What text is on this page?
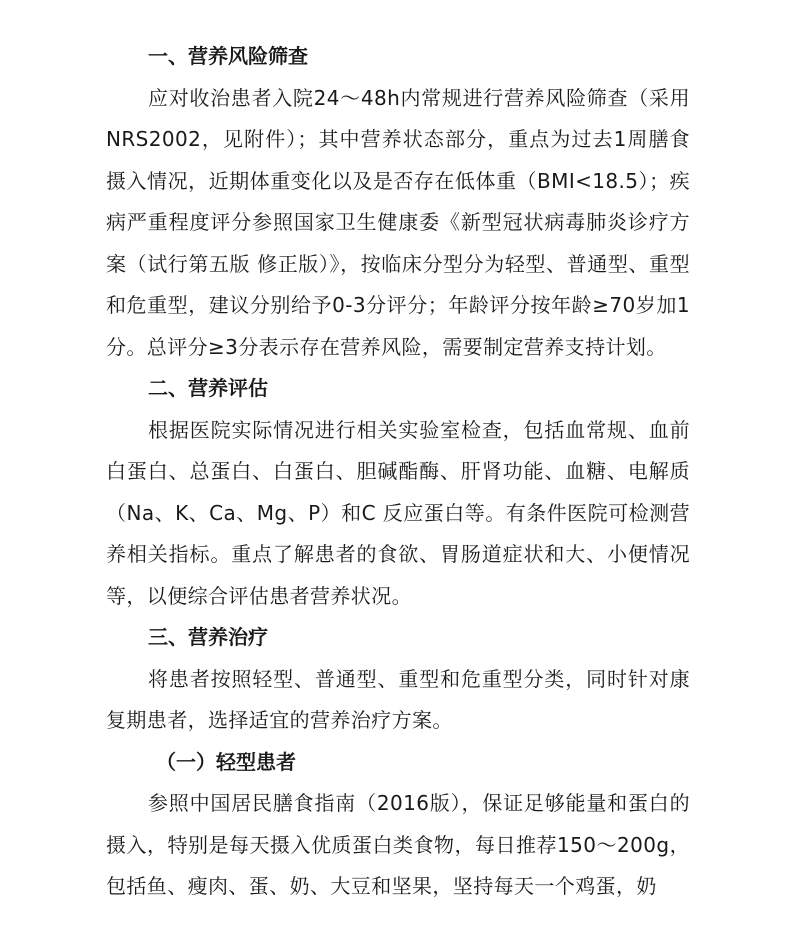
一、营养风险筛查

应对收治患者入院24～48h内常规进行营养风险筛查（采用NRS2002，见附件）；其中营养状态部分，重点为过去1周膳食摄入情况，近期体重变化以及是否存在低体重（BMI<18.5）；疾病严重程度评分参照国家卫生健康委《新型冠状病毒肺炎诊疗方案（试行第五版 修正版）》，按临床分型分为轻型、普通型、重型和危重型，建议分别给予0-3分评分；年龄评分按年龄≥70岁加1分。总评分≥3分表示存在营养风险，需要制定营养支持计划。

二、营养评估

根据医院实际情况进行相关实验室检查，包括血常规、血前白蛋白、总蛋白、白蛋白、胆碱酯酶、肝肾功能、血糖、电解质（Na、K、Ca、Mg、P）和C 反应蛋白等。有条件医院可检测营养相关指标。重点了解患者的食欲、胃肠道症状和大、小便情况等，以便综合评估患者营养状况。

三、营养治疗

将患者按照轻型、普通型、重型和危重型分类，同时针对康复期患者，选择适宜的营养治疗方案。

（一）轻型患者

参照中国居民膳食指南（2016版），保证足够能量和蛋白的摄入，特别是每天摄入优质蛋白类食物，每日推荐150～200g，包括鱼、瘦肉、蛋、奶、大豆和坚果，坚持每天一个鸡蛋，奶
